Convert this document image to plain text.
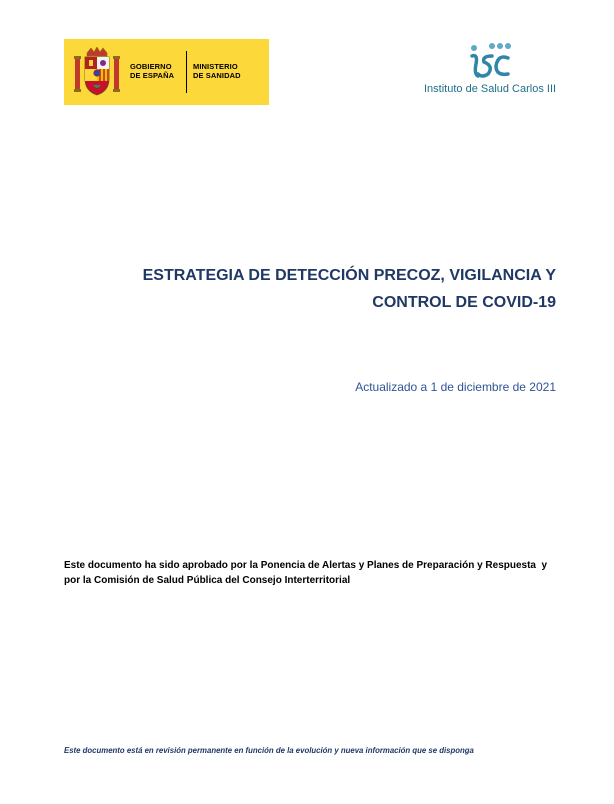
GOBIERNO
DE ESPAÑA
MINISTERIO
DE SANIDAD
Instituto de Salud Carlos III
ESTRATEGIA DE DETECCIÓN PRECOZ, VIGILANCIA Y
CONTROL DE COVID-19
Actualizado a 1 de diciembre de 2021
Este documento ha sido aprobado por la Ponencia de Alertas y Planes de Preparación y Respuesta  y
por la Comisión de Salud Pública del Consejo Interterritorial
Este documento está en revisión permanente en función de la evolución y nueva información que se disponga
